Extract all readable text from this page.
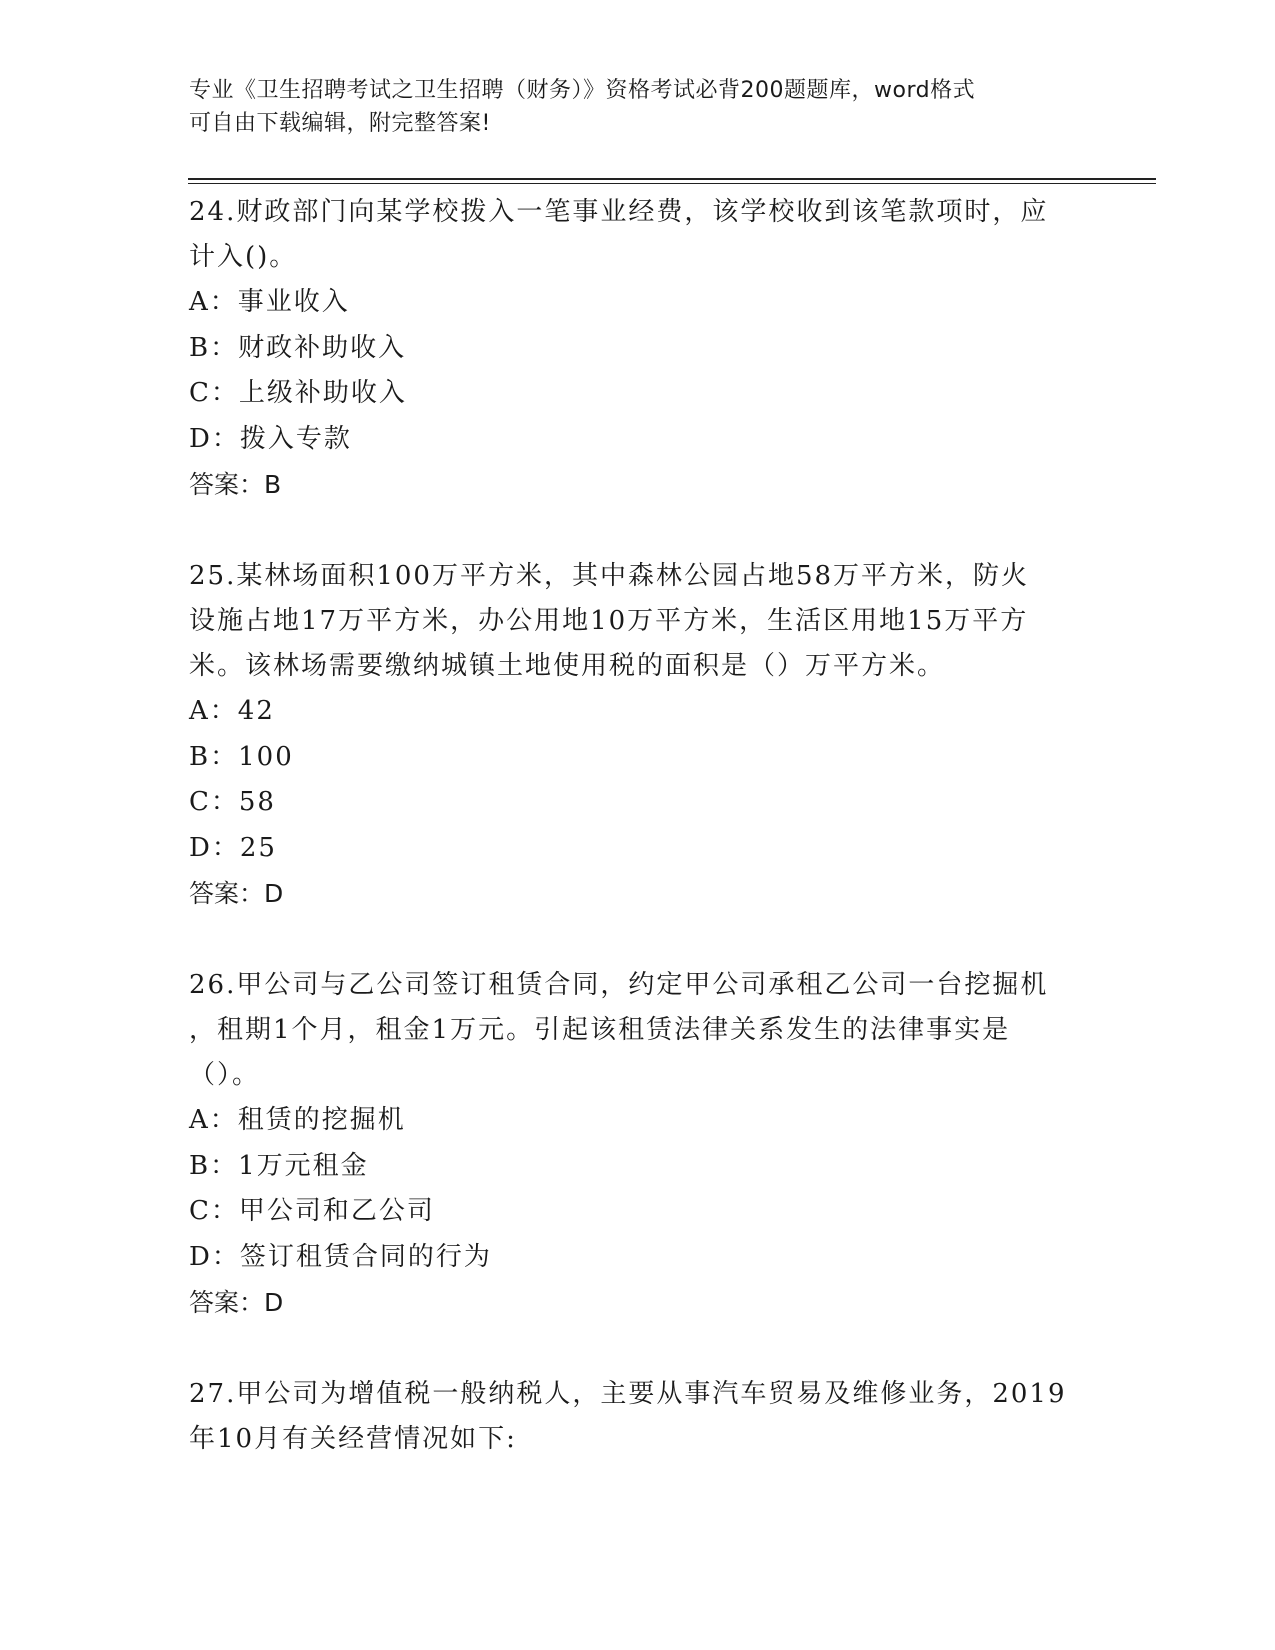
专业《卫生招聘考试之卫生招聘（财务）》资格考试必背200题题库，word格式
可自由下载编辑，附完整答案!

24.财政部门向某学校拨入一笔事业经费，该学校收到该笔款项时，应

计入()。

A：事业收入

B：财政补助收入

C：上级补助收入

D：拨入专款

答案：B

25.某林场面积100万平方米，其中森林公园占地58万平方米，防火

设施占地17万平方米，办公用地10万平方米，生活区用地15万平方

米。该林场需要缴纳城镇土地使用税的面积是（）万平方米。

A：42

B：100

C：58

D：25

答案：D

26.甲公司与乙公司签订租赁合同，约定甲公司承租乙公司一台挖掘机

，租期1个月，租金1万元。引起该租赁法律关系发生的法律事实是

（）。

A：租赁的挖掘机

B：1万元租金

C：甲公司和乙公司

D：签订租赁合同的行为

答案：D

27.甲公司为增值税一般纳税人，主要从事汽车贸易及维修业务，2019

年10月有关经营情况如下:
